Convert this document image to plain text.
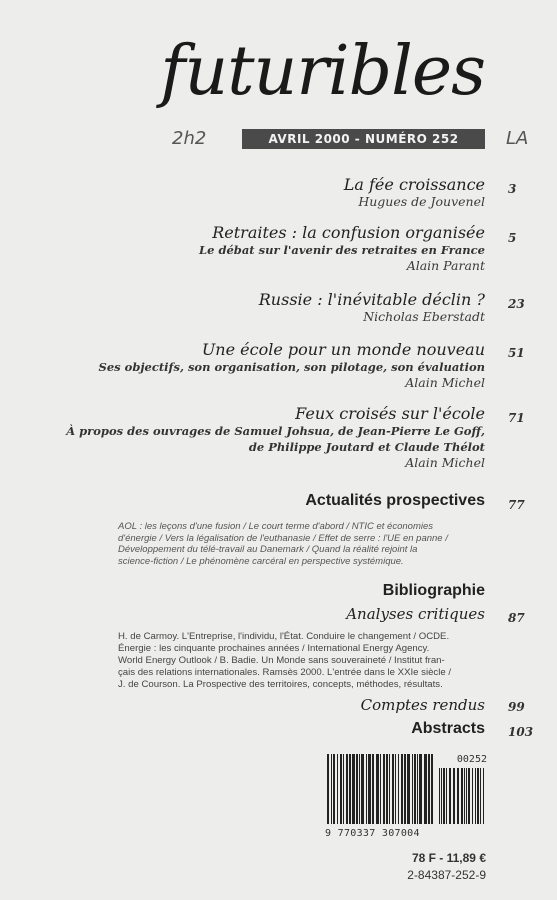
futuribles
2h2	LA
AVRIL 2000 - NUMÉRO 252
La fée croissance
Hugues de Jouvenel
3
Retraites : la confusion organisée
Le débat sur l'avenir des retraites en France
Alain Parant
5
Russie : l'inévitable déclin ?
Nicholas Eberstadt
23
Une école pour un monde nouveau
Ses objectifs, son organisation, son pilotage, son évaluation
Alain Michel
51
Feux croisés sur l'école
À propos des ouvrages de Samuel Johsua, de Jean-Pierre Le Goff,
de Philippe Joutard et Claude Thélot
Alain Michel
71
Actualités prospectives 77
AOL : les leçons d'une fusion / Le court terme d'abord / NTIC et économies
d'énergie / Vers la légalisation de l'euthanasie / Effet de serre : l'UE en panne /
Développement du télé-travail au Danemark / Quand la réalité rejoint la
science-fiction / Le phénomène carcéral en perspective systémique.
Bibliographie
Analyses critiques 87
H. de Carmoy. L'Entreprise, l'individu, l'État. Conduire le changement / OCDE.
Énergie : les cinquante prochaines années / International Energy Agency.
World Energy Outlook / B. Badie. Un Monde sans souveraineté / Institut fran-
çais des relations internationales. Ramsès 2000. L'entrée dans le XXIe siècle /
J. de Courson. La Prospective des territoires, concepts, méthodes, résultats.
Comptes rendus 99
Abstracts 103
00252
9 770337 307004
78 F - 11,89 €
2-84387-252-9
